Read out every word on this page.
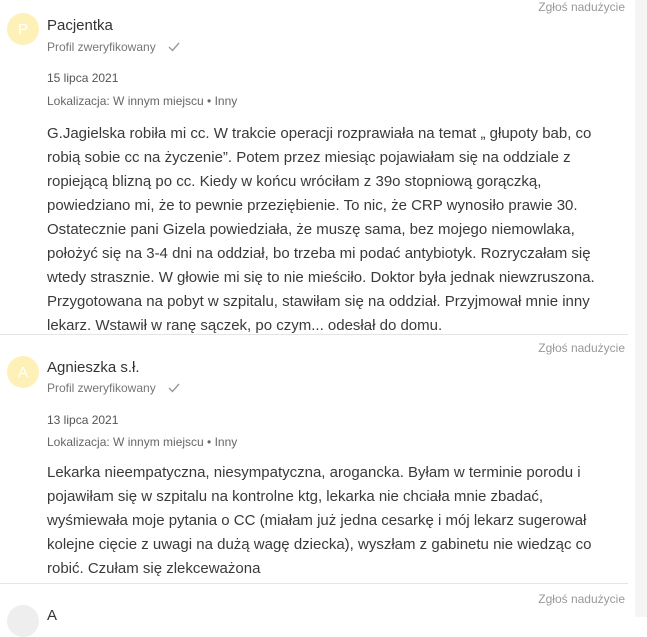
Zgłoś nadużycie
P	Pacjentka
Profil zweryfikowany
15 lipca 2021
Lokalizacja: W innym miejscu • Inny
G.Jagielska robiła mi cc. W trakcie operacji rozprawiała na temat „ głupoty bab, co
robią sobie cc na życzenie”. Potem przez miesiąc pojawiałam się na oddziale z
ropiejącą blizną po cc. Kiedy w końcu wróciłam z 39o stopniową gorączką,
powiedziano mi, że to pewnie przeziębienie. To nic, że CRP wynosiło prawie 30.
Ostatecznie pani Gizela powiedziała, że muszę sama, bez mojego niemowlaka,
położyć się na 3-4 dni na oddział, bo trzeba mi podać antybiotyk. Rozryczałam się
wtedy strasznie. W głowie mi się to nie mieściło. Doktor była jednak niewzruszona.
Przygotowana na pobyt w szpitalu, stawiłam się na oddział. Przyjmował mnie inny
lekarz. Wstawił w ranę sączek, po czym... odesłał do domu.
Zgłoś nadużycie
A	Agnieszka s.ł.
Profil zweryfikowany
13 lipca 2021
Lokalizacja: W innym miejscu • Inny
Lekarka nieempatyczna, niesympatyczna, arogancka. Byłam w terminie porodu i
pojawiłam się w szpitalu na kontrolne ktg, lekarka nie chciała mnie zbadać,
wyśmiewała moje pytania o CC (miałam już jedna cesarkę i mój lekarz sugerował
kolejne cięcie z uwagi na dużą wagę dziecka), wyszłam z gabinetu nie wiedząc co
robić. Czułam się zlekceważona
Zgłoś nadużycie
A
